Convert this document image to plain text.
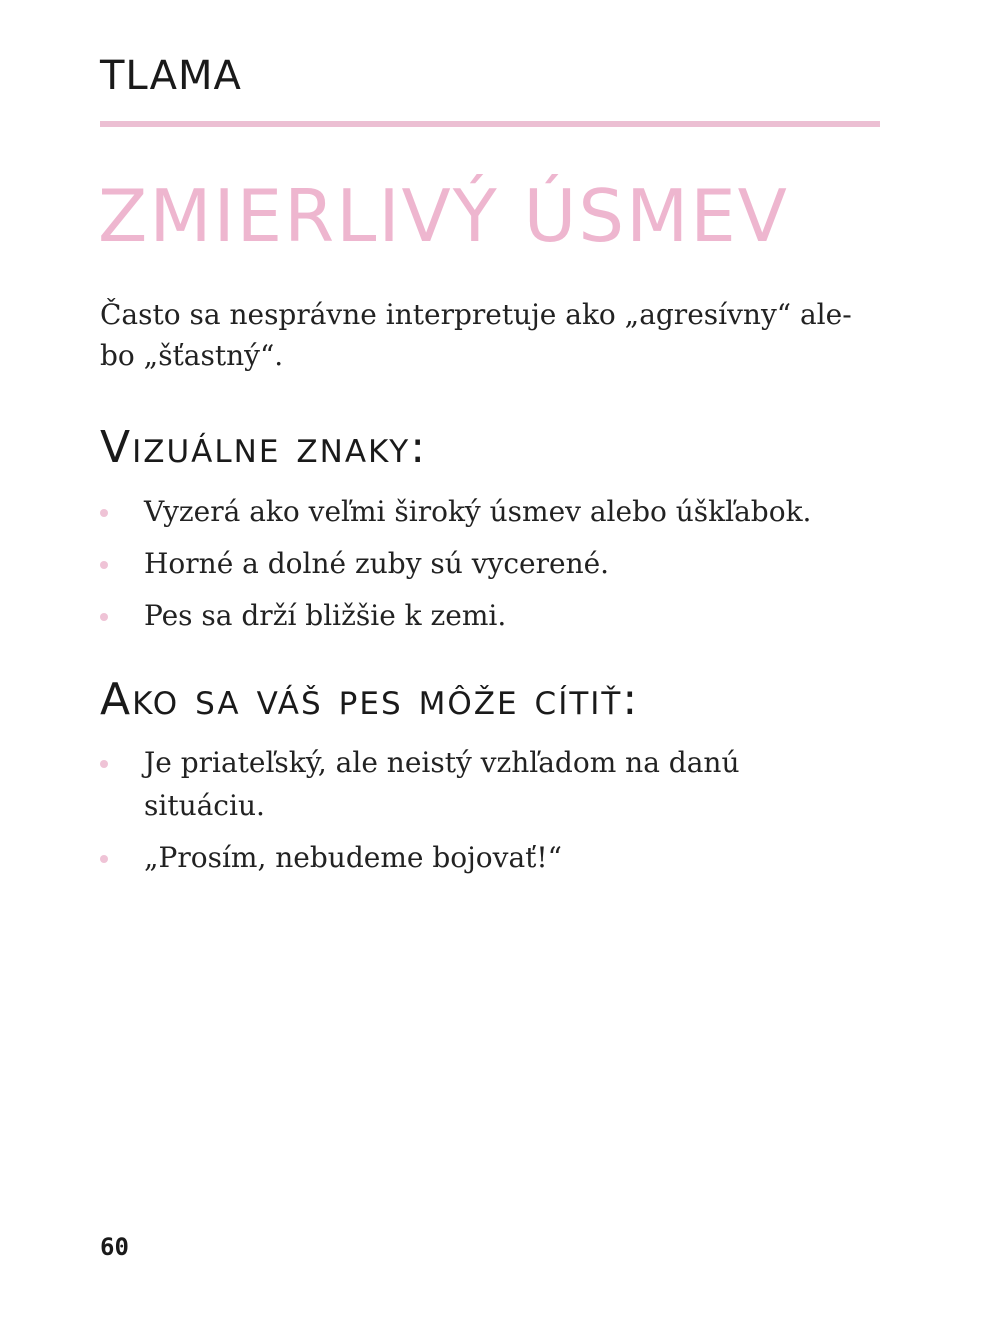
TLAMA
ZMIERLIVÝ ÚSMEV

Často sa nesprávne interpretuje ako „agresívny“ ale-
bo „šťastný“.

Vizuálne znaky:
Vyzerá ako veľmi široký úsmev alebo úškľabok.
Horné a dolné zuby sú vycerené.
Pes sa drží bližšie k zemi.
Ako sa váš pes môže cítiť:
Je priateľský, ale neistý vzhľadom na danú
situáciu.
„Prosím, nebudeme bojovať!“
60
